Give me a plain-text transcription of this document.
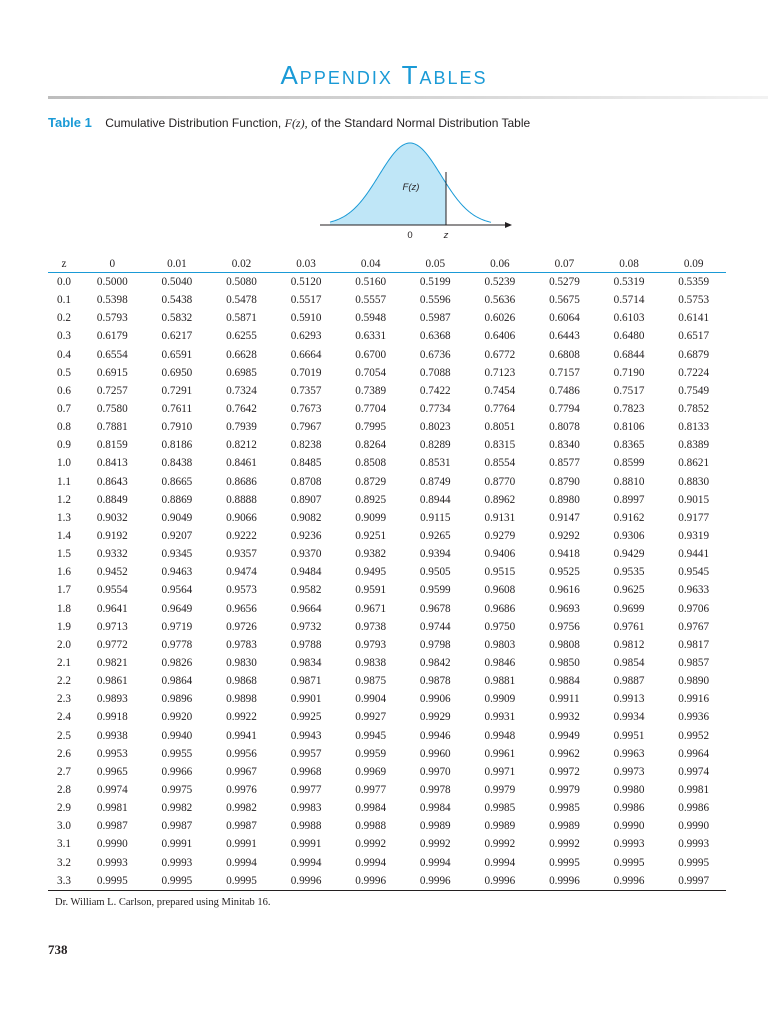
Appendix Tables
Table 1 Cumulative Distribution Function, F(z), of the Standard Normal Distribution Table
F(z)
0	z
z	0	0.01	0.02	0.03	0.04	0.05	0.06	0.07	0.08	0.09
0.0	0.5000	0.5040	0.5080	0.5120	0.5160	0.5199	0.5239	0.5279	0.5319	0.5359
0.1	0.5398	0.5438	0.5478	0.5517	0.5557	0.5596	0.5636	0.5675	0.5714	0.5753
0.2	0.5793	0.5832	0.5871	0.5910	0.5948	0.5987	0.6026	0.6064	0.6103	0.6141
0.3	0.6179	0.6217	0.6255	0.6293	0.6331	0.6368	0.6406	0.6443	0.6480	0.6517
0.4	0.6554	0.6591	0.6628	0.6664	0.6700	0.6736	0.6772	0.6808	0.6844	0.6879
0.5	0.6915	0.6950	0.6985	0.7019	0.7054	0.7088	0.7123	0.7157	0.7190	0.7224
0.6	0.7257	0.7291	0.7324	0.7357	0.7389	0.7422	0.7454	0.7486	0.7517	0.7549
0.7	0.7580	0.7611	0.7642	0.7673	0.7704	0.7734	0.7764	0.7794	0.7823	0.7852
0.8	0.7881	0.7910	0.7939	0.7967	0.7995	0.8023	0.8051	0.8078	0.8106	0.8133
0.9	0.8159	0.8186	0.8212	0.8238	0.8264	0.8289	0.8315	0.8340	0.8365	0.8389
1.0	0.8413	0.8438	0.8461	0.8485	0.8508	0.8531	0.8554	0.8577	0.8599	0.8621
1.1	0.8643	0.8665	0.8686	0.8708	0.8729	0.8749	0.8770	0.8790	0.8810	0.8830
1.2	0.8849	0.8869	0.8888	0.8907	0.8925	0.8944	0.8962	0.8980	0.8997	0.9015
1.3	0.9032	0.9049	0.9066	0.9082	0.9099	0.9115	0.9131	0.9147	0.9162	0.9177
1.4	0.9192	0.9207	0.9222	0.9236	0.9251	0.9265	0.9279	0.9292	0.9306	0.9319
1.5	0.9332	0.9345	0.9357	0.9370	0.9382	0.9394	0.9406	0.9418	0.9429	0.9441
1.6	0.9452	0.9463	0.9474	0.9484	0.9495	0.9505	0.9515	0.9525	0.9535	0.9545
1.7	0.9554	0.9564	0.9573	0.9582	0.9591	0.9599	0.9608	0.9616	0.9625	0.9633
1.8	0.9641	0.9649	0.9656	0.9664	0.9671	0.9678	0.9686	0.9693	0.9699	0.9706
1.9	0.9713	0.9719	0.9726	0.9732	0.9738	0.9744	0.9750	0.9756	0.9761	0.9767
2.0	0.9772	0.9778	0.9783	0.9788	0.9793	0.9798	0.9803	0.9808	0.9812	0.9817
2.1	0.9821	0.9826	0.9830	0.9834	0.9838	0.9842	0.9846	0.9850	0.9854	0.9857
2.2	0.9861	0.9864	0.9868	0.9871	0.9875	0.9878	0.9881	0.9884	0.9887	0.9890
2.3	0.9893	0.9896	0.9898	0.9901	0.9904	0.9906	0.9909	0.9911	0.9913	0.9916
2.4	0.9918	0.9920	0.9922	0.9925	0.9927	0.9929	0.9931	0.9932	0.9934	0.9936
2.5	0.9938	0.9940	0.9941	0.9943	0.9945	0.9946	0.9948	0.9949	0.9951	0.9952
2.6	0.9953	0.9955	0.9956	0.9957	0.9959	0.9960	0.9961	0.9962	0.9963	0.9964
2.7	0.9965	0.9966	0.9967	0.9968	0.9969	0.9970	0.9971	0.9972	0.9973	0.9974
2.8	0.9974	0.9975	0.9976	0.9977	0.9977	0.9978	0.9979	0.9979	0.9980	0.9981
2.9	0.9981	0.9982	0.9982	0.9983	0.9984	0.9984	0.9985	0.9985	0.9986	0.9986
3.0	0.9987	0.9987	0.9987	0.9988	0.9988	0.9989	0.9989	0.9989	0.9990	0.9990
3.1	0.9990	0.9991	0.9991	0.9991	0.9992	0.9992	0.9992	0.9992	0.9993	0.9993
3.2	0.9993	0.9993	0.9994	0.9994	0.9994	0.9994	0.9994	0.9995	0.9995	0.9995
3.3	0.9995	0.9995	0.9995	0.9996	0.9996	0.9996	0.9996	0.9996	0.9996	0.9997
Dr. William L. Carlson, prepared using Minitab 16.
738
